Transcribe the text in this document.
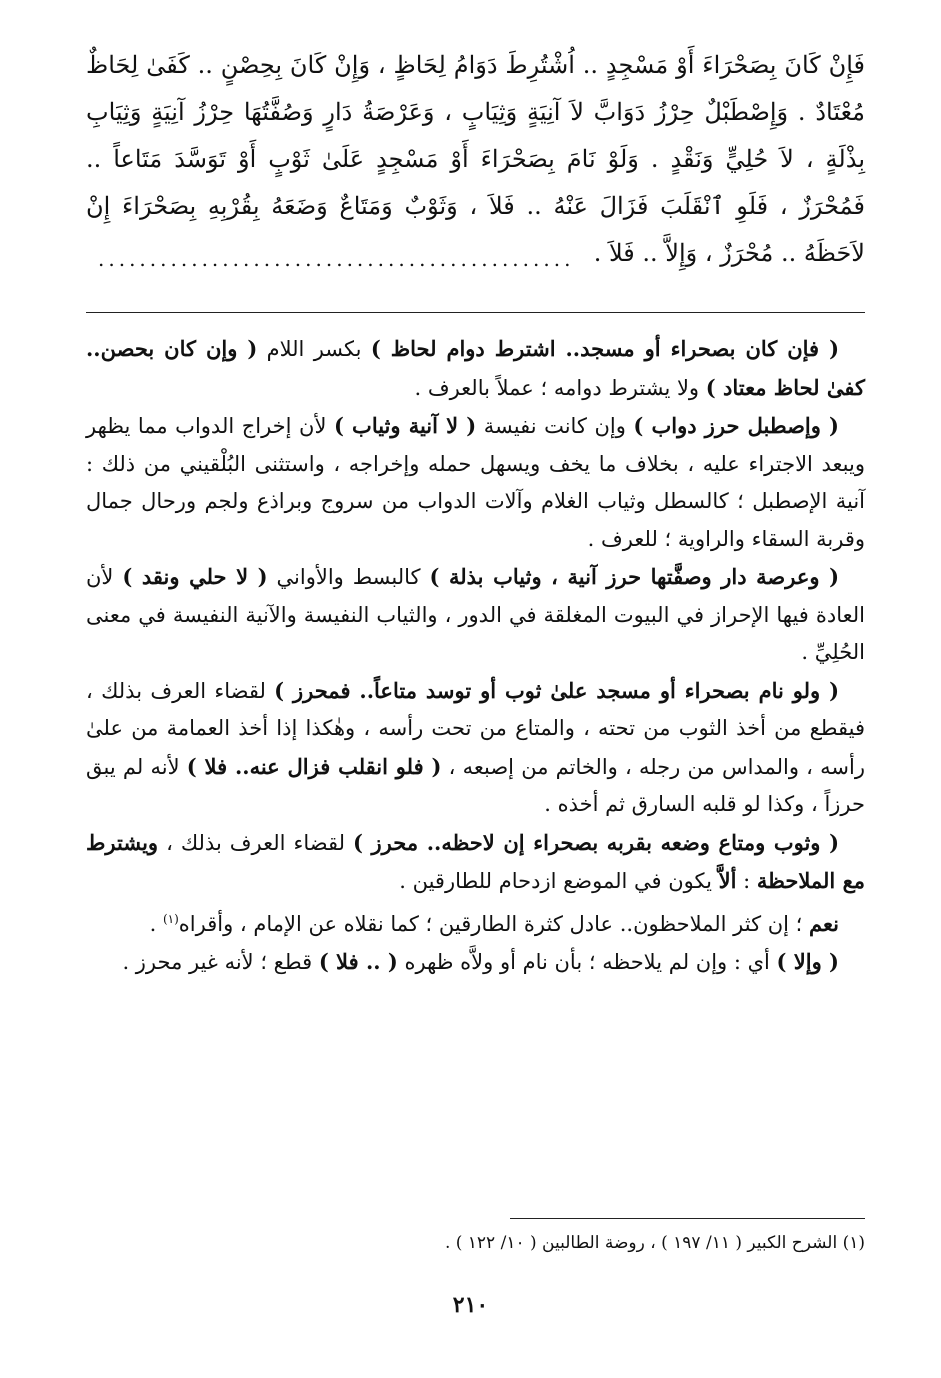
فَإِنْ كَانَ بِصَحْرَاءَ أَوْ مَسْجِدٍ .. اُشْتُرِطَ دَوَامُ لِحَاظٍ ، وَإِنْ كَانَ بِحِصْنٍ .. كَفَىٰ لِحَاظٌ مُعْتَادٌ . وَإِصْطَبْلٌ حِرْزُ دَوَابَّ لاَ آنِيَةٍ وَثِيَابٍ ، وَعَرْصَةُ دَارٍ وَصُفَّتُهَا حِرْزُ آنِيَةٍ وَثِيَابِ بِذْلَةٍ ، لاَ حُلِيٍّ وَنَقْدٍ . وَلَوْ نَامَ بِصَحْرَاءَ أَوْ مَسْجِدٍ عَلَىٰ ثَوْبٍ أَوْ تَوَسَّدَ مَتَاعاً .. فَمُحْرَزٌ ، فَلَوِ ٱنْقَلَبَ فَزَالَ عَنْهُ .. فَلاَ ، وَثَوْبٌ وَمَتَاعٌ وَضَعَهُ بِقُرْبِهِ بِصَحْرَاءَ إِنْ لاَحَظَهُ .. مُحْرَزٌ ، وَإِلاَّ .. فَلاَ .

..............................................

( فإن كان بصحراء أو مسجد.. اشترط دوام لحاظ ) بكسر اللام ( وإن كان بحصن.. كفىٰ لحاظ معتاد ) ولا يشترط دوامه ؛ عملاً بالعرف .

( وإصطبل حرز دواب ) وإن كانت نفيسة ( لا آنية وثياب ) لأن إخراج الدواب مما يظهر ويبعد الاجتراء عليه ، بخلاف ما يخف ويسهل حمله وإخراجه ، واستثنى البُلْقيني من ذلك : آنية الإصطبل ؛ كالسطل وثياب الغلام وآلات الدواب من سروج وبراذع ولجم ورحال جمال وقربة السقاء والراوية ؛ للعرف .

( وعرصة دار وصفَّتها حرز آنية ، وثياب بذلة ) كالبسط والأواني ( لا حلي ونقد ) لأن العادة فيها الإحراز في البيوت المغلقة في الدور ، والثياب النفيسة والآنية النفيسة في معنى الحُلِيِّ .

( ولو نام بصحراء أو مسجد علىٰ ثوب أو توسد متاعاً.. فمحرز ) لقضاء العرف بذلك ، فيقطع من أخذ الثوب من تحته ، والمتاع من تحت رأسه ، وهٰكذا إذا أخذ العمامة من علىٰ رأسه ، والمداس من رجله ، والخاتم من إصبعه ، ( فلو انقلب فزال عنه.. فلا ) لأنه لم يبق حرزاً ، وكذا لو قلبه السارق ثم أخذه .

( وثوب ومتاع وضعه بقربه بصحراء إن لاحظه.. محرز ) لقضاء العرف بذلك ، ويشترط مع الملاحظة : ألاَّ يكون في الموضع ازدحام للطارقين .

نعم ؛ إن كثر الملاحظون.. عادل كثرة الطارقين ؛ كما نقلاه عن الإمام ، وأقراه$^{(١)}$ .

( وإلا ) أي : وإن لم يلاحظه ؛ بأن نام أو ولاَّه ظهره ( .. فلا ) قطع ؛ لأنه غير محرز .

(١) الشرح الكبير ( ١١/ ١٩٧ ) ، روضة الطالبين ( ١٠/ ١٢٢ ) .
٢١٠
